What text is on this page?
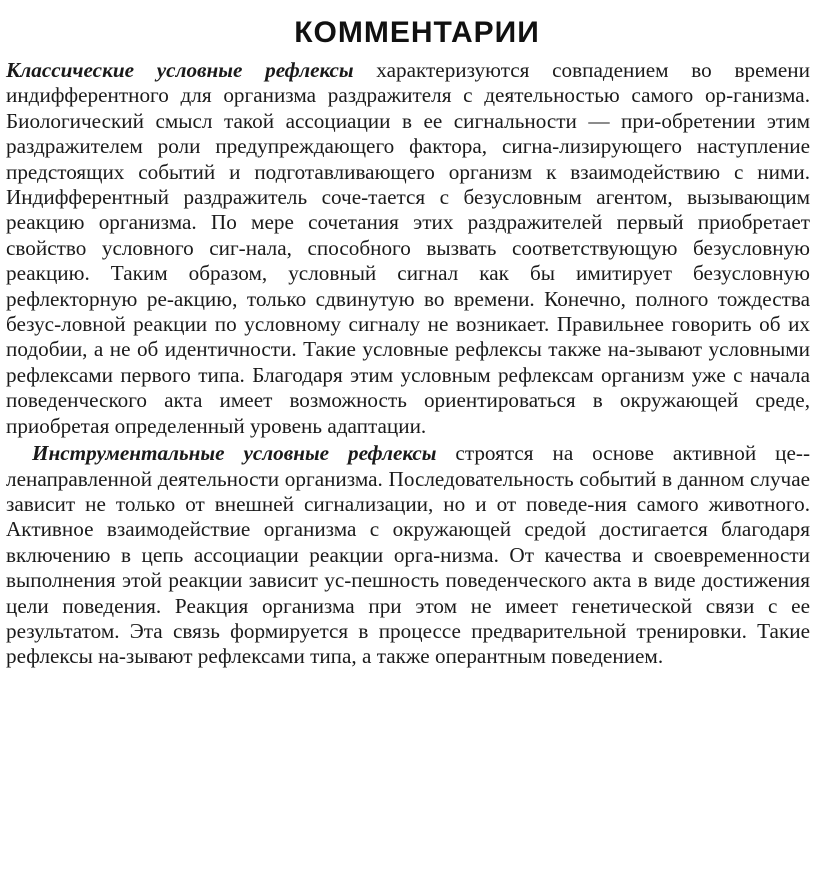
КОММЕНТАРИИ

Классические условные рефлексы характеризуются совпадением во времени индифферентного для организма раздражителя с деятельностью самого ор-ганизма. Биологический смысл такой ассоциации в ее сигнальности — при-обретении этим раздражителем роли предупреждающего фактора, сигна-лизирующего наступление предстоящих событий и подготавливающего организм к взаимодействию с ними. Индифферентный раздражитель соче-тается с безусловным агентом, вызывающим реакцию организма. По мере сочетания этих раздражителей первый приобретает свойство условного сиг-нала, способного вызвать соответствующую безусловную реакцию. Таким образом, условный сигнал как бы имитирует безусловную рефлекторную ре-акцию, только сдвинутую во времени. Конечно, полного тождества безус-ловной реакции по условному сигналу не возникает. Правильнее говорить об их подобии, а не об идентичности. Такие условные рефлексы также на-зывают условными рефлексами первого типа. Благодаря этим условным рефлексам организм уже с начала поведенческого акта имеет возможность ориентироваться в окружающей среде, приобретая определенный уровень адаптации.

Инструментальные условные рефлексы строятся на основе активной це-ленаправленной деятельности организма. Последовательность событий в данном случае зависит не только от внешней сигнализации, но и от поведе-ния самого животного. Активное взаимодействие организма с окружающей средой достигается благодаря включению в цепь ассоциации реакции орга-низма. От качества и своевременности выполнения этой реакции зависит ус-пешность поведенческого акта в виде достижения цели поведения. Реакция организма при этом не имеет генетической связи с ее результатом. Эта связь формируется в процессе предварительной тренировки. Такие рефлексы на-зывают рефлексами типа, а также оперантным поведением.
